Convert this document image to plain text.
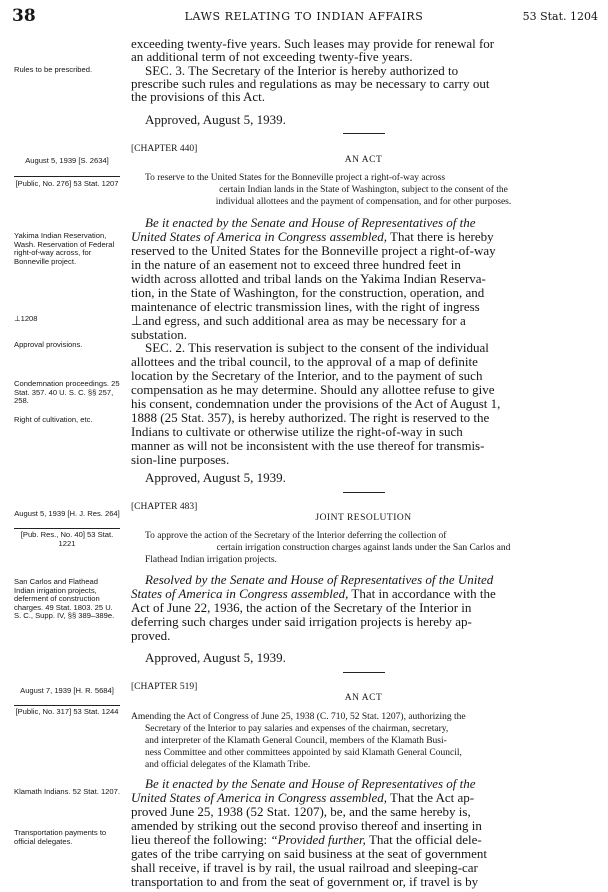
38	LAWS RELATING TO INDIAN AFFAIRS	53 Stat. 1204
Rules to be prescribed.
August 5, 1939 [S. 2634]
[Public, No. 276] 53 Stat. 1207
Yakima Indian Reservation, Wash. Reservation of Federal right-of-way across, for Bonneville project.
⊥1208
Approval provisions.
Condemnation proceedings. 25 Stat. 357. 40 U. S. C. §§ 257, 258.
Right of cultivation, etc.
August 5, 1939 [H. J. Res. 264]
[Pub. Res., No. 40] 53 Stat. 1221
San Carlos and Flathead Indian irrigation projects, deferment of construction charges. 49 Stat. 1803. 25 U. S. C., Supp. IV, §§ 389–389e.
August 7, 1939 [H. R. 5684]
[Public, No. 317] 53 Stat. 1244
Klamath Indians. 52 Stat. 1207.
Transportation payments to official delegates.
exceeding twenty-five years. Such leases may provide for renewal for
an additional term of not exceeding twenty-five years.
SEC. 3. The Secretary of the Interior is hereby authorized to
prescribe such rules and regulations as may be necessary to carry out
the provisions of this Act.
Approved, August 5, 1939.
[CHAPTER 440]
AN ACT
To reserve to the United States for the Bonneville project a right-of-way across
certain Indian lands in the State of Washington, subject to the consent of the
individual allottees and the payment of compensation, and for other purposes.
Be it enacted by the Senate and House of Representatives of the
United States of America in Congress assembled, That there is hereby
reserved to the United States for the Bonneville project a right-of-way
in the nature of an easement not to exceed three hundred feet in
width across allotted and tribal lands on the Yakima Indian Reserva-
tion, in the State of Washington, for the construction, operation, and
maintenance of electric transmission lines, with the right of ingress
⊥and egress, and such additional area as may be necessary for a
substation.
SEC. 2. This reservation is subject to the consent of the individual
allottees and the tribal council, to the approval of a map of definite
location by the Secretary of the Interior, and to the payment of such
compensation as he may determine. Should any allottee refuse to give
his consent, condemnation under the provisions of the Act of August 1,
1888 (25 Stat. 357), is hereby authorized. The right is reserved to the
Indians to cultivate or otherwise utilize the right-of-way in such
manner as will not be inconsistent with the use thereof for transmis-
sion-line purposes.
Approved, August 5, 1939.
[CHAPTER 483]
JOINT RESOLUTION
To approve the action of the Secretary of the Interior deferring the collection of
certain irrigation construction charges against lands under the San Carlos and
Flathead Indian irrigation projects.
Resolved by the Senate and House of Representatives of the United
States of America in Congress assembled, That in accordance with the
Act of June 22, 1936, the action of the Secretary of the Interior in
deferring such charges under said irrigation projects is hereby ap-
proved.
Approved, August 5, 1939.
[CHAPTER 519]
AN ACT
Amending the Act of Congress of June 25, 1938 (C. 710, 52 Stat. 1207), authorizing the
Secretary of the Interior to pay salaries and expenses of the chairman, secretary,
and interpreter of the Klamath General Council, members of the Klamath Busi-
ness Committee and other committees appointed by said Klamath General Council,
and official delegates of the Klamath Tribe.
Be it enacted by the Senate and House of Representatives of the
United States of America in Congress assembled, That the Act ap-
proved June 25, 1938 (52 Stat. 1207), be, and the same hereby is,
amended by striking out the second proviso thereof and inserting in
lieu thereof the following: “Provided further, That the official dele-
gates of the tribe carrying on said business at the seat of government
shall receive, if travel is by rail, the usual railroad and sleeping-car
transportation to and from the seat of government or, if travel is by
